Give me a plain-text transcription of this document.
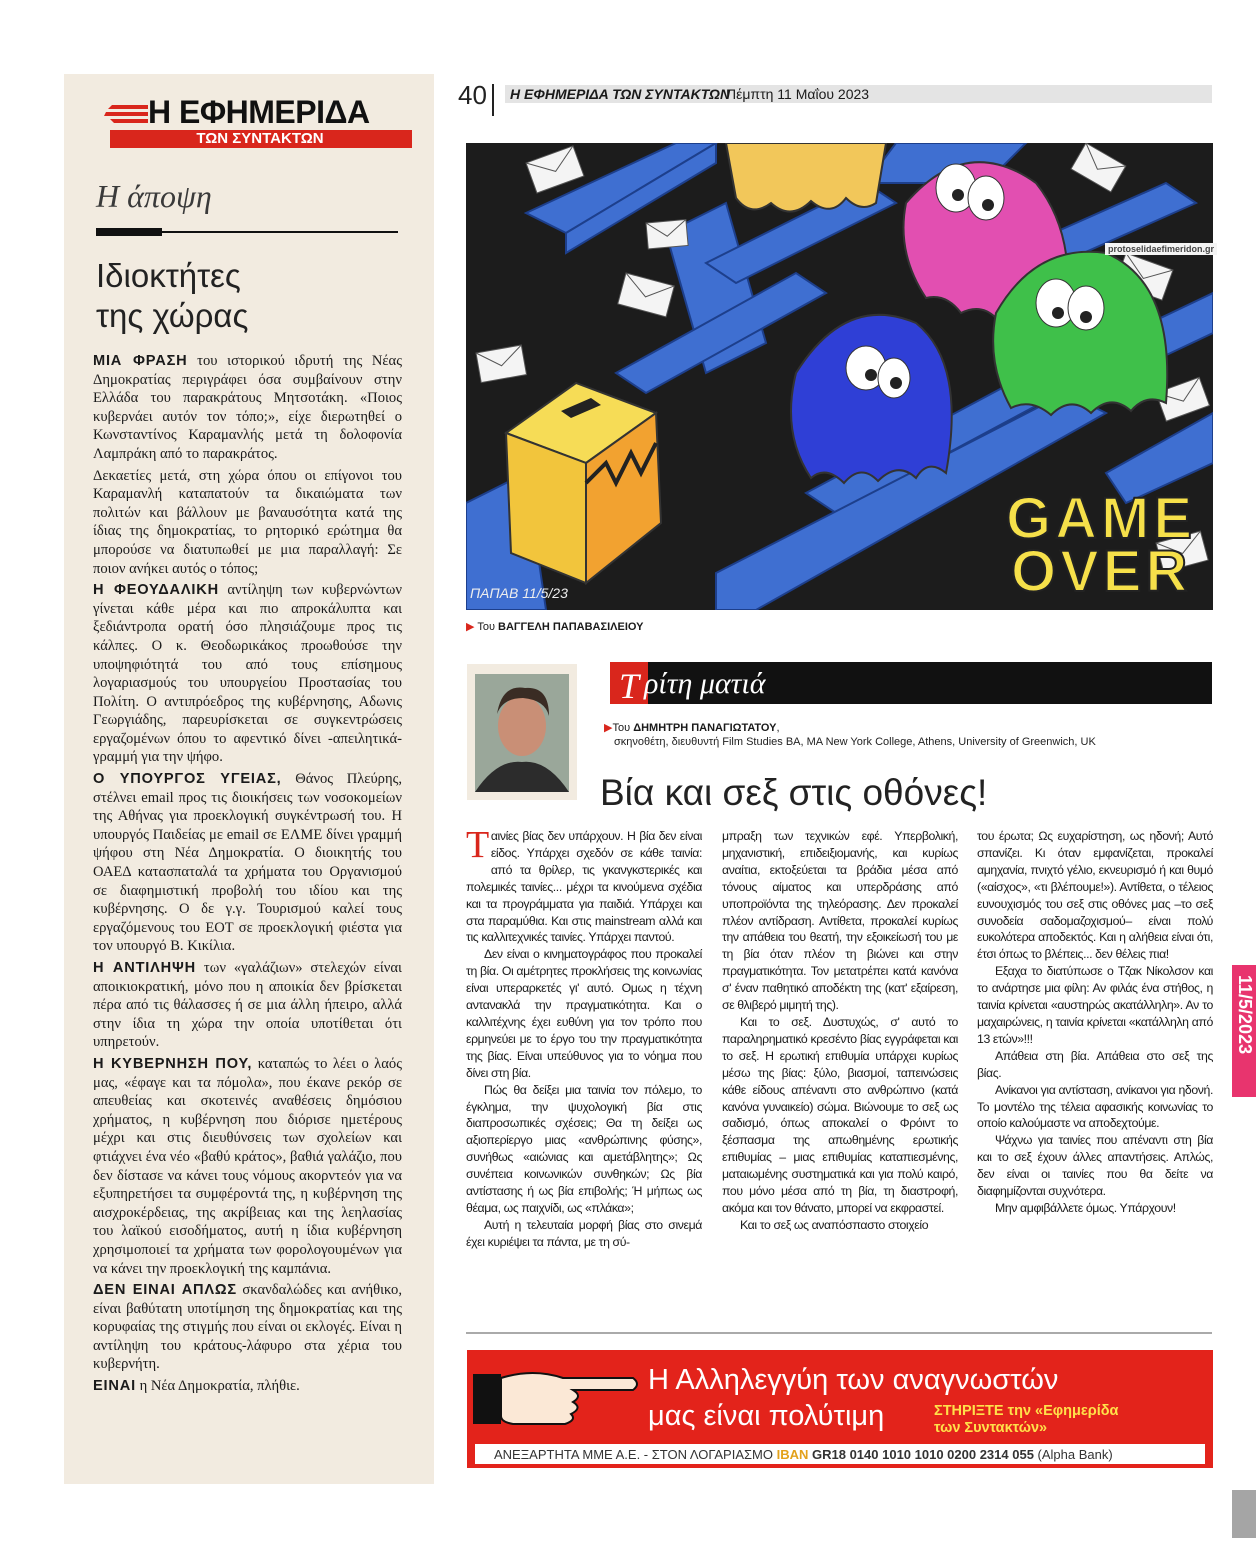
Η ΕΦΗΜΕΡΙΔΑ
ΤΩΝ ΣΥΝΤΑΚΤΩΝ
Η άποψη
Ιδιοκτήτες
της χώρας

ΜΙΑ ΦΡΑΣΗ του ιστορικού ιδρυτή της Νέας Δημοκρατίας περιγράφει όσα συμβαίνουν στην Ελλάδα του παρακράτους Μητσοτάκη. «Ποιος κυβερνάει αυτόν τον τόπο;», είχε διερωτηθεί ο Κωνσταντίνος Καραμανλής μετά τη δολοφονία Λαμπράκη από το παρακράτος.

Δεκαετίες μετά, στη χώρα όπου οι επίγονοι του Καραμανλή καταπατούν τα δικαιώματα των πολιτών και βάλλουν με βαναυσότητα κατά της ίδιας της δημοκρατίας, το ρητορικό ερώτημα θα μπορούσε να διατυπωθεί με μια παραλλαγή: Σε ποιον ανήκει αυτός ο τόπος;

Η ΦΕΟΥΔΑΛΙΚΗ αντίληψη των κυβερνώντων γίνεται κάθε μέρα και πιο απροκάλυπτα και ξεδιάντροπα ορατή όσο πλησιάζουμε προς τις κάλπες. Ο κ. Θεοδωρικάκος προωθούσε την υποψηφιότητά του από τους επίσημους λογαριασμούς του υπουργείου Προστασίας του Πολίτη. Ο αντιπρόεδρος της κυβέρνησης, Αδωνις Γεωργιάδης, παρευρίσκεται σε συγκεντρώσεις εργαζομένων όπου το αφεντικό δίνει -απειλητικά- γραμμή για την ψήφο.

Ο ΥΠΟΥΡΓΟΣ ΥΓΕΙΑΣ, Θάνος Πλεύρης, στέλνει email προς τις διοικήσεις των νοσοκομείων της Αθήνας για προεκλογική συγκέντρωσή του. Η υπουργός Παιδείας με email σε ΕΛΜΕ δίνει γραμμή ψήφου στη Νέα Δημοκρατία. Ο διοικητής του ΟΑΕΔ κατασπαταλά τα χρήματα του Οργανισμού σε διαφημιστική προβολή του ιδίου και της κυβέρνησης. Ο δε γ.γ. Τουρισμού καλεί τους εργαζόμενους του ΕΟΤ σε προεκλογική φιέστα για τον υπουργό Β. Κικίλια.

Η ΑΝΤΙΛΗΨΗ των «γαλάζιων» στελεχών είναι αποικιοκρατική, μόνο που η αποικία δεν βρίσκεται πέρα από τις θάλασσες ή σε μια άλλη ήπειρο, αλλά στην ίδια τη χώρα την οποία υποτίθεται ότι υπηρετούν.

Η ΚΥΒΕΡΝΗΣΗ ΠΟΥ, καταπώς το λέει ο λαός μας, «έφαγε και τα πόμολα», που έκανε ρεκόρ σε απευθείας και σκοτεινές αναθέσεις δημόσιου χρήματος, η κυβέρνηση που διόρισε ημετέρους μέχρι και στις διευθύνσεις των σχολείων και φτιάχνει ένα νέο «βαθύ κράτος», βαθιά γαλάζιο, που δεν δίστασε να κάνει τους νόμους ακορντεόν για να εξυπηρετήσει τα συμφέροντά της, η κυβέρνηση της αισχροκέρδειας, της ακρίβειας και της λεηλασίας του λαϊκού εισοδήματος, αυτή η ίδια κυβέρνηση χρησιμοποιεί τα χρήματα των φορολογουμένων για να κάνει την προεκλογική της καμπάνια.

ΔΕΝ ΕΙΝΑΙ ΑΠΛΩΣ σκανδαλώδες και ανήθικο, είναι βαθύτατη υποτίμηση της δημοκρατίας και της κορυφαίας της στιγμής που είναι οι εκλογές. Είναι η αντίληψη του κράτους-λάφυρο στα χέρια του κυβερνήτη.

ΕΙΝΑΙ η Νέα Δημοκρατία, πλήθιε.

40 Η ΕΦΗΜΕΡΙΔΑ ΤΩΝ ΣΥΝΤΑΚΤΩΝ
Πέμπτη 11 Μαΐου 2023
GAME
OVER
ΠΑΠΑΒ 11/5/23
protoselidaefimeridon.gr
▶ Του ΒΑΓΓΕΛΗ ΠΑΠΑΒΑΣΙΛΕΙΟΥ
Τ ρίτη ματιά
▶Του ΔΗΜΗΤΡΗ ΠΑΝΑΓΙΩΤΑΤΟΥ,
σκηνοθέτη, διευθυντή Film Studies BA, MA New York College, Athens, University of Greenwich, UK
Βία και σεξ στις οθόνες!

Ταινίες βίας δεν υπάρχουν. Η βία δεν είναι είδος. Υπάρχει σχεδόν σε κάθε ταινία: από τα θρίλερ, τις γκανγκστερικές και πολεμικές ταινίες... μέχρι τα κινούμενα σχέδια και τα προγράμματα για παιδιά. Υπάρχει και στα παραμύθια. Και στις mainstream αλλά και τις καλλιτεχνικές ταινίες. Υπάρχει παντού.

Δεν είναι ο κινηματογράφος που προκαλεί τη βία. Οι αμέτρητες προκλήσεις της κοινωνίας είναι υπεραρκετές γι' αυτό. Ομως η τέχνη αντανακλά την πραγματικότητα. Και ο καλλιτέχνης έχει ευθύνη για τον τρόπο που ερμηνεύει με το έργο του την πραγματικότητα της βίας. Είναι υπεύθυνος για το νόημα που δίνει στη βία.

Πώς θα δείξει μια ταινία τον πόλεμο, το έγκλημα, την ψυχολογική βία στις διαπροσωπικές σχέσεις; Θα τη δείξει ως αξιοπερίεργο μιας «ανθρώπινης φύσης», συνήθως «αιώνιας και αμετάβλητης»; Ως συνέπεια κοινωνικών συνθηκών; Ως βία αντίστασης ή ως βία επιβολής; Ή μήπως ως θέαμα, ως παιχνίδι, ως «πλάκα»;

Αυτή η τελευταία μορφή βίας στο σινεμά έχει κυριέψει τα πάντα, με τη σύ-

μπραξη των τεχνικών εφέ. Υπερβολική, μηχανιστική, επιδειξιομανής, και κυρίως αναίτια, εκτοξεύεται τα βράδια μέσα από τόνους αίματος και υπερδράσης από υποπροϊόντα της τηλεόρασης. Δεν προκαλεί πλέον αντίδραση. Αντίθετα, προκαλεί κυρίως την απάθεια του θεατή, την εξοικείωσή του με τη βία όταν πλέον τη βιώνει και στην πραγματικότητα. Τον μετατρέπει κατά κανόνα σ' έναν παθητικό αποδέκτη της (κατ' εξαίρεση, σε θλιβερό μιμητή της).

Και το σεξ. Δυστυχώς, σ' αυτό το παραληρηματικό κρεσέντο βίας εγγράφεται και το σεξ. Η ερωτική επιθυμία υπάρχει κυρίως μέσω της βίας: ξύλο, βιασμοί, ταπεινώσεις κάθε είδους απέναντι στο ανθρώπινο (κατά κανόνα γυναικείο) σώμα. Βιώνουμε το σεξ ως σαδισμό, όπως αποκαλεί ο Φρόιντ το ξέσπασμα της απωθημένης ερωτικής επιθυμίας – μιας επιθυμίας καταπιεσμένης, ματαιωμένης συστηματικά και για πολύ καιρό, που μόνο μέσα από τη βία, τη διαστροφή, ακόμα και τον θάνατο, μπορεί να εκφραστεί.

Και το σεξ ως αναπόσπαστο στοιχείο

του έρωτα; Ως ευχαρίστηση, ως ηδονή; Αυτό σπανίζει. Κι όταν εμφανίζεται, προκαλεί αμηχανία, πνιχτό γέλιο, εκνευρισμό ή και θυμό («αίσχος», «τι βλέπουμε!»). Αντίθετα, ο τέλειος ευνουχισμός του σεξ στις οθόνες μας –το σεξ συνοδεία σαδομαζοχισμού– είναι πολύ ευκολότερα αποδεκτός. Και η αλήθεια είναι ότι, έτσι όπως το βλέπεις... δεν θέλεις πια!

Εξαχα το διατύπωσε ο Τζακ Νίκολσον και το ανάρτησε μια φίλη: Αν φιλάς ένα στήθος, η ταινία κρίνεται «αυστηρώς ακατάλληλη». Αν το μαχαιρώνεις, η ταινία κρίνεται «κατάλληλη από 13 ετών»!!!

Απάθεια στη βία. Απάθεια στο σεξ της βίας.

Ανίκανοι για αντίσταση, ανίκανοι για ηδονή. Το μοντέλο της τέλεια αφασικής κοινωνίας το οποίο καλούμαστε να αποδεχτούμε.

Ψάχνω για ταινίες που απέναντι στη βία και το σεξ έχουν άλλες απαντήσεις. Απλώς, δεν είναι οι ταινίες που θα δείτε να διαφημίζονται συχνότερα.

Μην αμφιβάλλετε όμως. Υπάρχουν!

Η Αλληλεγγύη των αναγνωστών
μας είναι πολύτιμη	ΣΤΗΡΙΞΤΕ την «Εφημερίδα
των Συντακτών»
ΑΝΕΞΑΡΤΗΤΑ ΜΜΕ Α.Ε. - ΣΤΟΝ ΛΟΓΑΡΙΑΣΜΟ IBAN GR18 0140 1010 1010 0200 2314 055 (Alpha Bank)
11/5/2023
